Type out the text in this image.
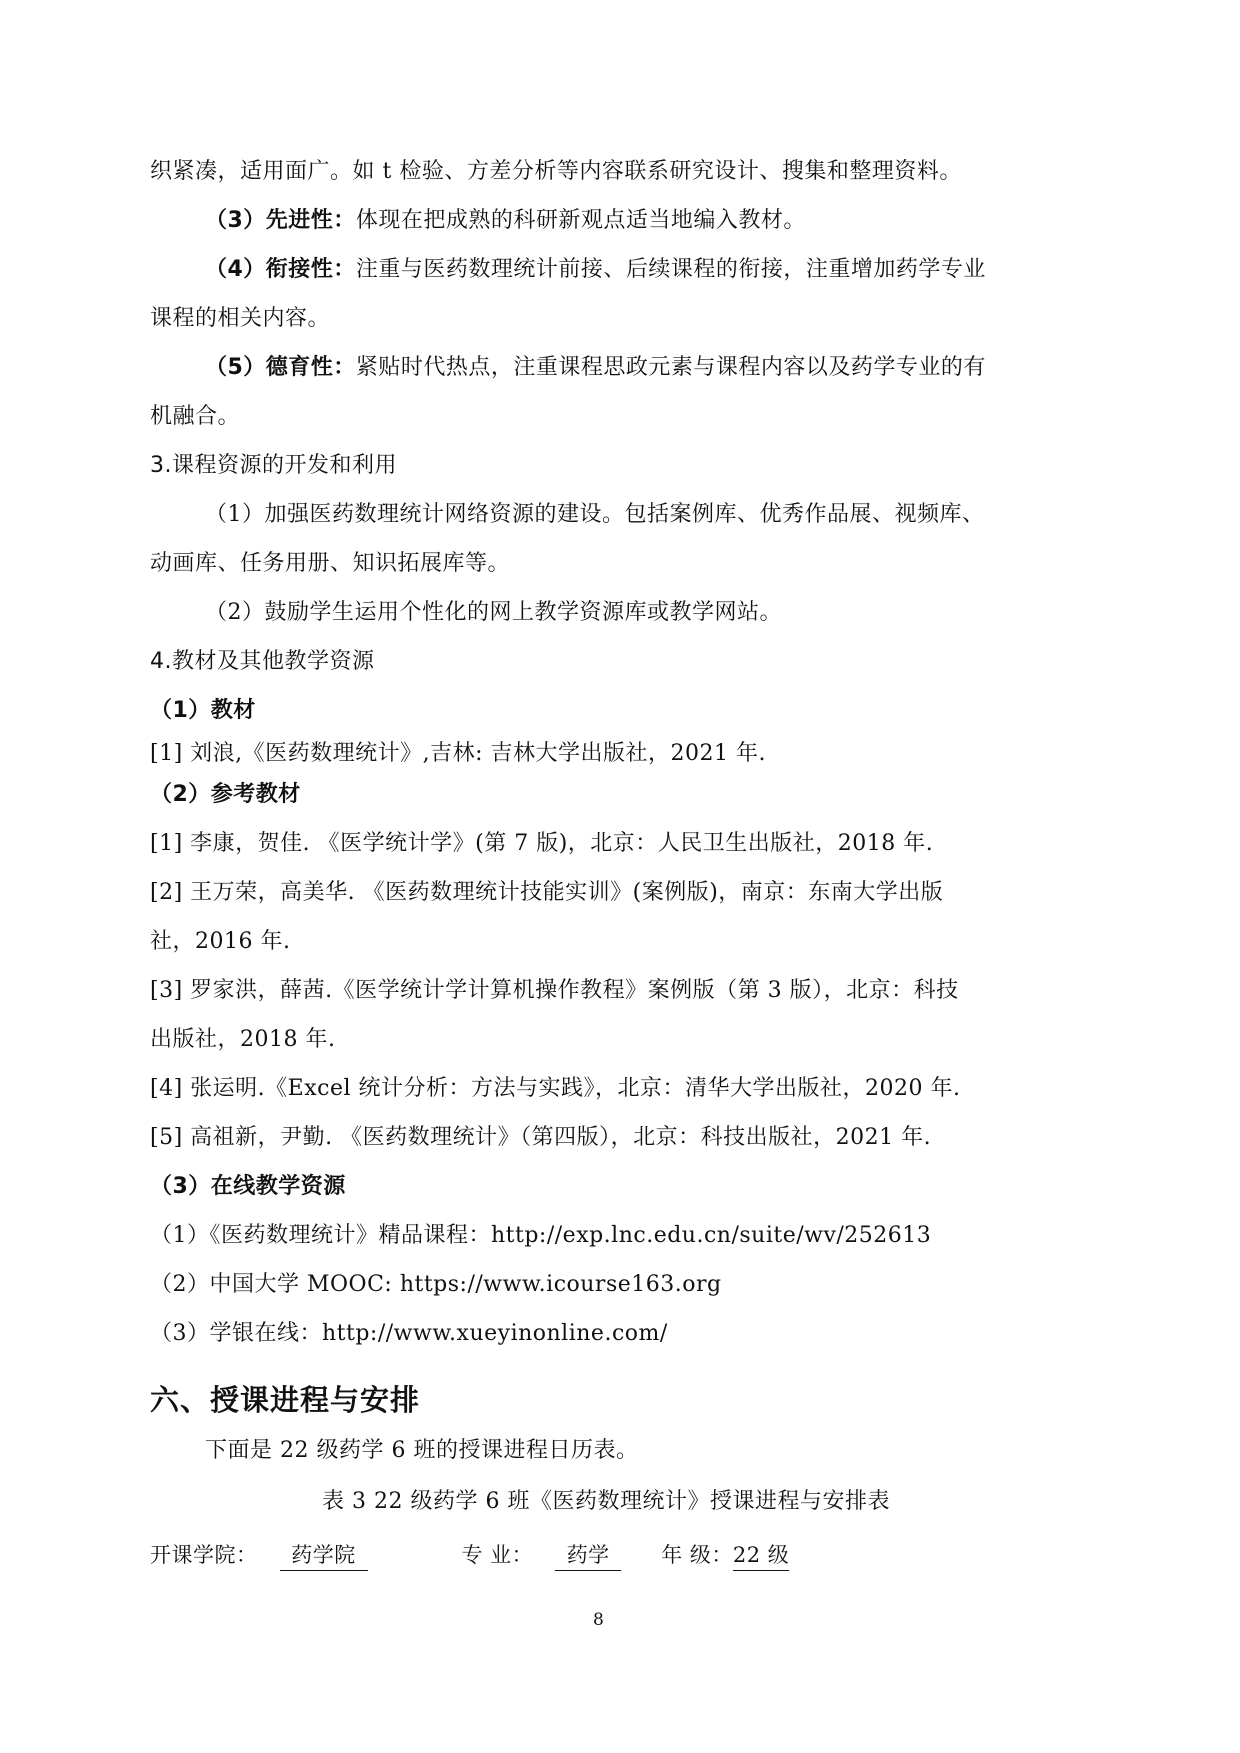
织紧凑，适用面广。如 t 检验、方差分析等内容联系研究设计、搜集和整理资料。
（3）先进性：体现在把成熟的科研新观点适当地编入教材。
（4）衔接性：注重与医药数理统计前接、后续课程的衔接，注重增加药学专业
课程的相关内容。
（5）德育性：紧贴时代热点，注重课程思政元素与课程内容以及药学专业的有
机融合。
3.课程资源的开发和利用
（1）加强医药数理统计网络资源的建设。包括案例库、优秀作品展、视频库、
动画库、任务用册、知识拓展库等。
（2）鼓励学生运用个性化的网上教学资源库或教学网站。
4.教材及其他教学资源
（1）教材
[1] 刘浪,《医药数理统计》,吉林: 吉林大学出版社，2021 年.
（2）参考教材
[1] 李康，贺佳. 《医学统计学》(第 7 版)，北京：人民卫生出版社，2018 年.
[2] 王万荣，高美华. 《医药数理统计技能实训》(案例版)，南京：东南大学出版
社，2016 年.
[3] 罗家洪，薛茜.《医学统计学计算机操作教程》案例版（第 3 版），北京：科技
出版社，2018 年.
[4] 张运明.《Excel 统计分析：方法与实践》，北京：清华大学出版社，2020 年.
[5] 高祖新，尹勤. 《医药数理统计》（第四版），北京：科技出版社，2021 年.
（3）在线教学资源
（1）《医药数理统计》精品课程：http://exp.lnc.edu.cn/suite/wv/252613
（2）中国大学 MOOC: https://www.icourse163.org
（3）学银在线：http://www.xueyinonline.com/
六、授课进程与安排
下面是 22 级药学 6 班的授课进程日历表。
表 3 22 级药学 6 班《医药数理统计》授课进程与安排表
开课学院： 药学院	专 业： 药学 年 级：22 级
8
